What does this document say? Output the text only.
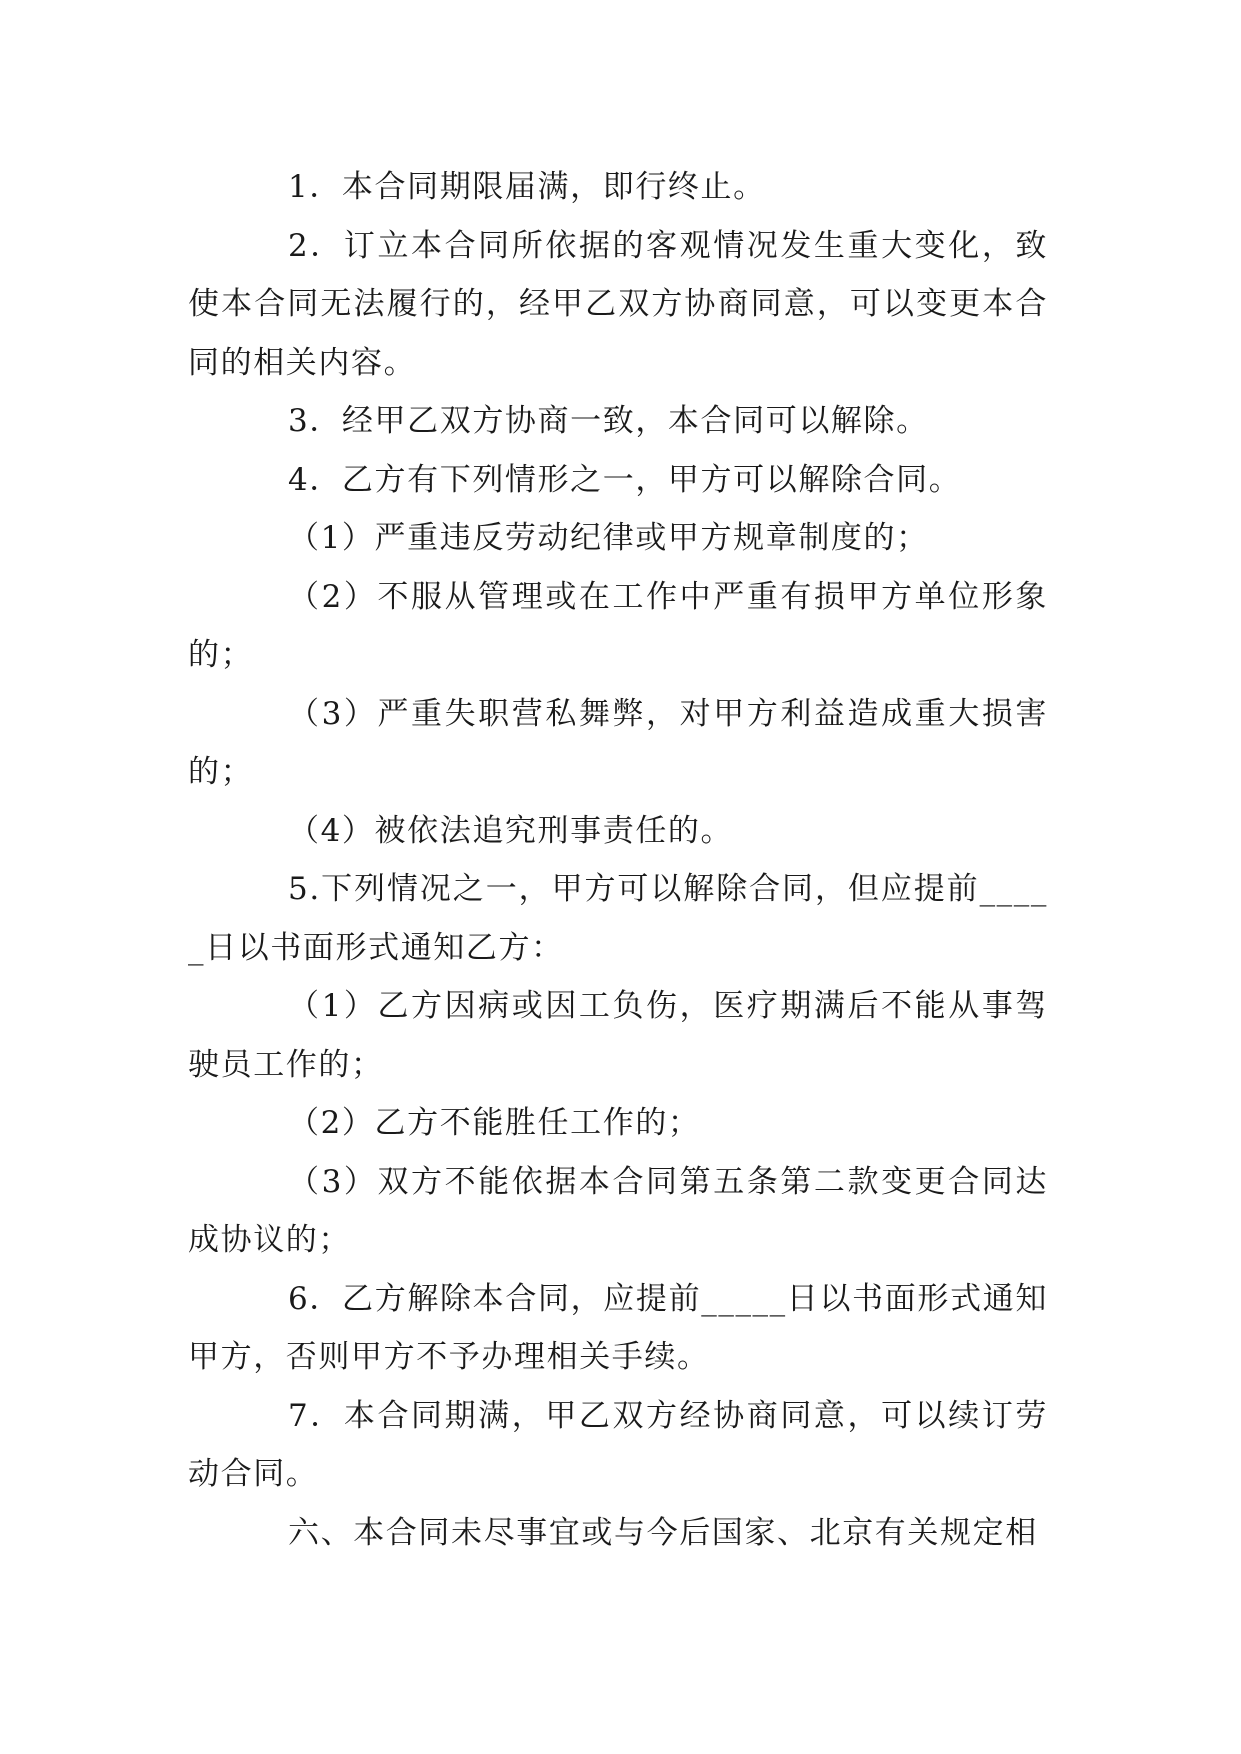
1．本合同期限届满，即行终止。

2．订立本合同所依据的客观情况发生重大变化，致使本合同无法履行的，经甲乙双方协商同意，可以变更本合同的相关内容。

3．经甲乙双方协商一致，本合同可以解除。

4．乙方有下列情形之一，甲方可以解除合同。

（1）严重违反劳动纪律或甲方规章制度的；

（2）不服从管理或在工作中严重有损甲方单位形象的；

（3）严重失职营私舞弊，对甲方利益造成重大损害的；

（4）被依法追究刑事责任的。

5.下列情况之一，甲方可以解除合同，但应提前_____日以书面形式通知乙方：

（1）乙方因病或因工负伤，医疗期满后不能从事驾驶员工作的；

（2）乙方不能胜任工作的；

（3）双方不能依据本合同第五条第二款变更合同达成协议的；

6．乙方解除本合同，应提前_____日以书面形式通知甲方，否则甲方不予办理相关手续。

7．本合同期满，甲乙双方经协商同意，可以续订劳动合同。

六、本合同未尽事宜或与今后国家、北京有关规定相
